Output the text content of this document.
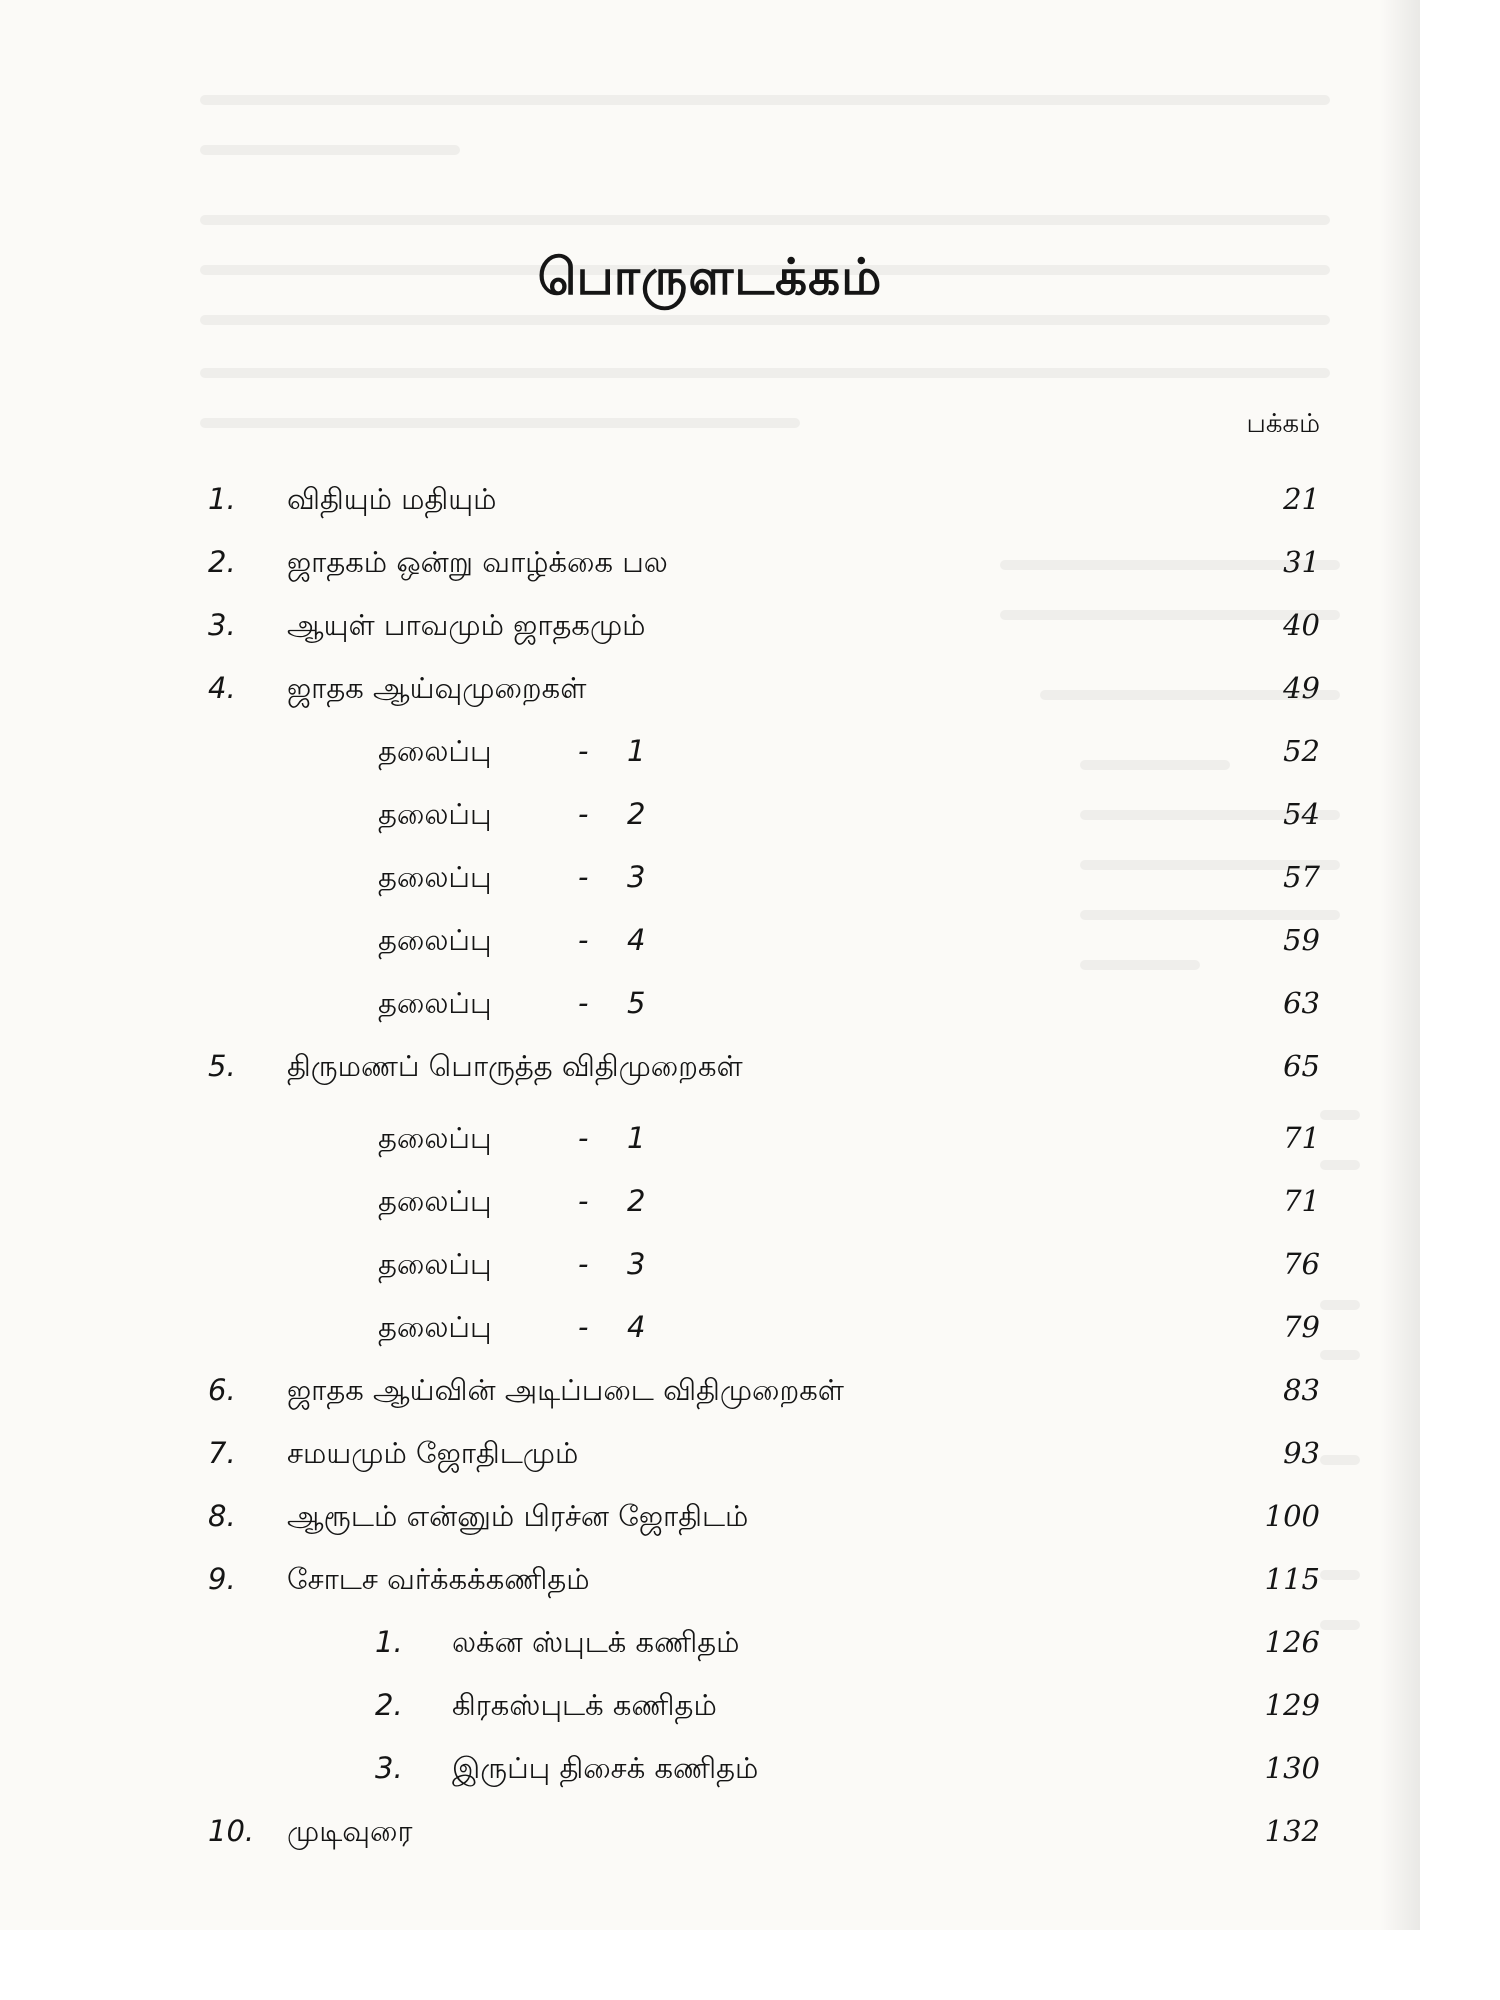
பொருளடக்கம்
பக்கம்
1. விதியும் மதியும்	21
2. ஜாதகம் ஒன்று வாழ்க்கை பல	31
3. ஆயுள் பாவமும் ஜாதகமும்	40
4. ஜாதக ஆய்வுமுறைகள்	49
தலைப்பு	- 1	52
தலைப்பு	- 2	54
தலைப்பு	- 3	57
தலைப்பு	- 4	59
தலைப்பு	- 5	63
5. திருமணப் பொருத்த விதிமுறைகள்	65
தலைப்பு	- 1	71
தலைப்பு	- 2	71
தலைப்பு	- 3	76
தலைப்பு	- 4	79
6. ஜாதக ஆய்வின் அடிப்படை விதிமுறைகள்	83
7. சமயமும் ஜோதிடமும்	93
8. ஆரூடம் என்னும் பிரச்ன ஜோதிடம்	100
9. சோடச வர்க்கக்கணிதம்	115
1. லக்ன ஸ்புடக் கணிதம்	126
2. கிரகஸ்புடக் கணிதம்	129
3. இருப்பு திசைக் கணிதம்	130
10. முடிவுரை	132
